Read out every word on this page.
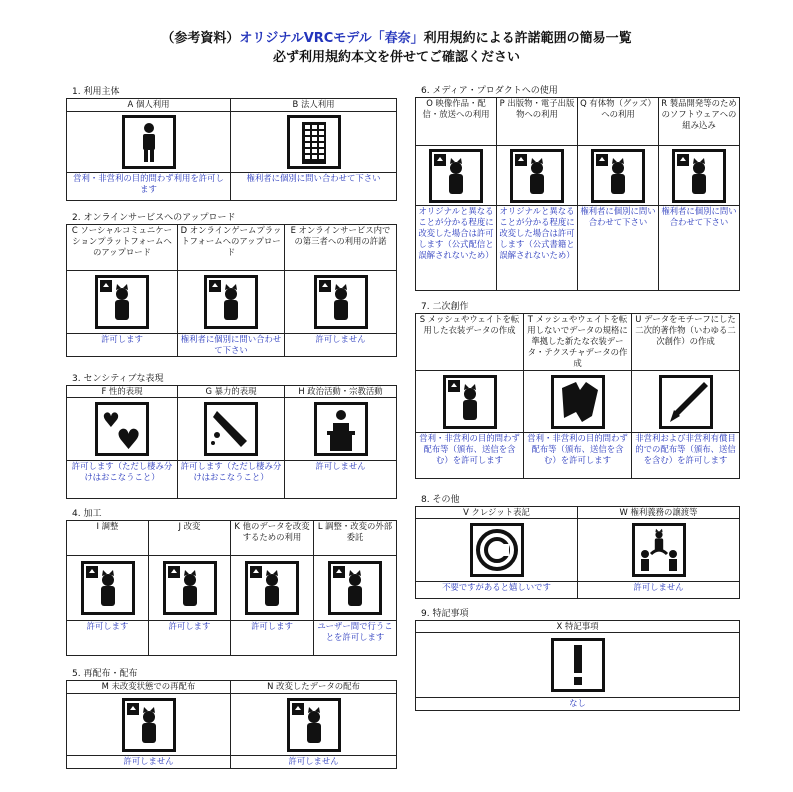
（参考資料）オリジナルVRCモデル「春奈」利用規約による許諾範囲の簡易一覧
必ず利用規約本文を併せてご確認ください
1. 利用主体
A 個人利用	B 法人利用

営利・非営利の目的問わず利用を許可します	権利者に個別に問い合わせて下さい
2. オンラインサービスへのアップロード
C ソーシャルコミュニケーションプラットフォームへのアップロード	D オンラインゲームプラットフォームへのアップロード	E オンラインサービス内での第三者への利用の許諾

許可します	権利者に個別に問い合わせて下さい	許可しません
3. センシティブな表現
F 性的表現	G 暴力的表現	H 政治活動・宗教活動

♥
♥

許可します（ただし棲み分けはおこなうこと）	許可します（ただし棲み分けはおこなうこと）	許可しません
4. 加工
I 調整	J 改変	K 他のデータを改変するための利用	L 調整・改変の外部委託

許可します	許可します	許可します	ユーザー間で行うことを許可します
5. 再配布・配布
M 未改変状態での再配布	N 改変したデータの配布

許可しません	許可しません
6. メディア・プロダクトへの使用
O 映像作品・配信・放送への利用	P 出版物・電子出版物への利用	Q 有体物（グッズ）への利用	R 製品開発等のためのソフトウェアへの組み込み

オリジナルと異なることが分かる程度に改変した場合は許可します（公式配信と誤解されないため）	オリジナルと異なることが分かる程度に改変した場合は許可します（公式書籍と誤解されないため）	権利者に個別に問い合わせて下さい	権利者に個別に問い合わせて下さい
7. 二次創作
S メッシュやウェイトを転用した衣装データの作成	T メッシュやウェイトを転用しないでデータの規格に準拠した新たな衣装データ・テクスチャデータの作成	U データをモチーフにした二次的著作物（いわゆる二次創作）の作成

営利・非営利の目的問わず配布等（頒布、送信を含む）を許可します	営利・非営利の目的問わず配布等（頒布、送信を含む）を許可します	非営利および非営利有償目的での配布等（頒布、送信を含む）を許可します
8. その他
V クレジット表記	W 権利義務の譲渡等

不要ですがあると嬉しいです	許可しません
9. 特記事項
X 特記事項

なし
